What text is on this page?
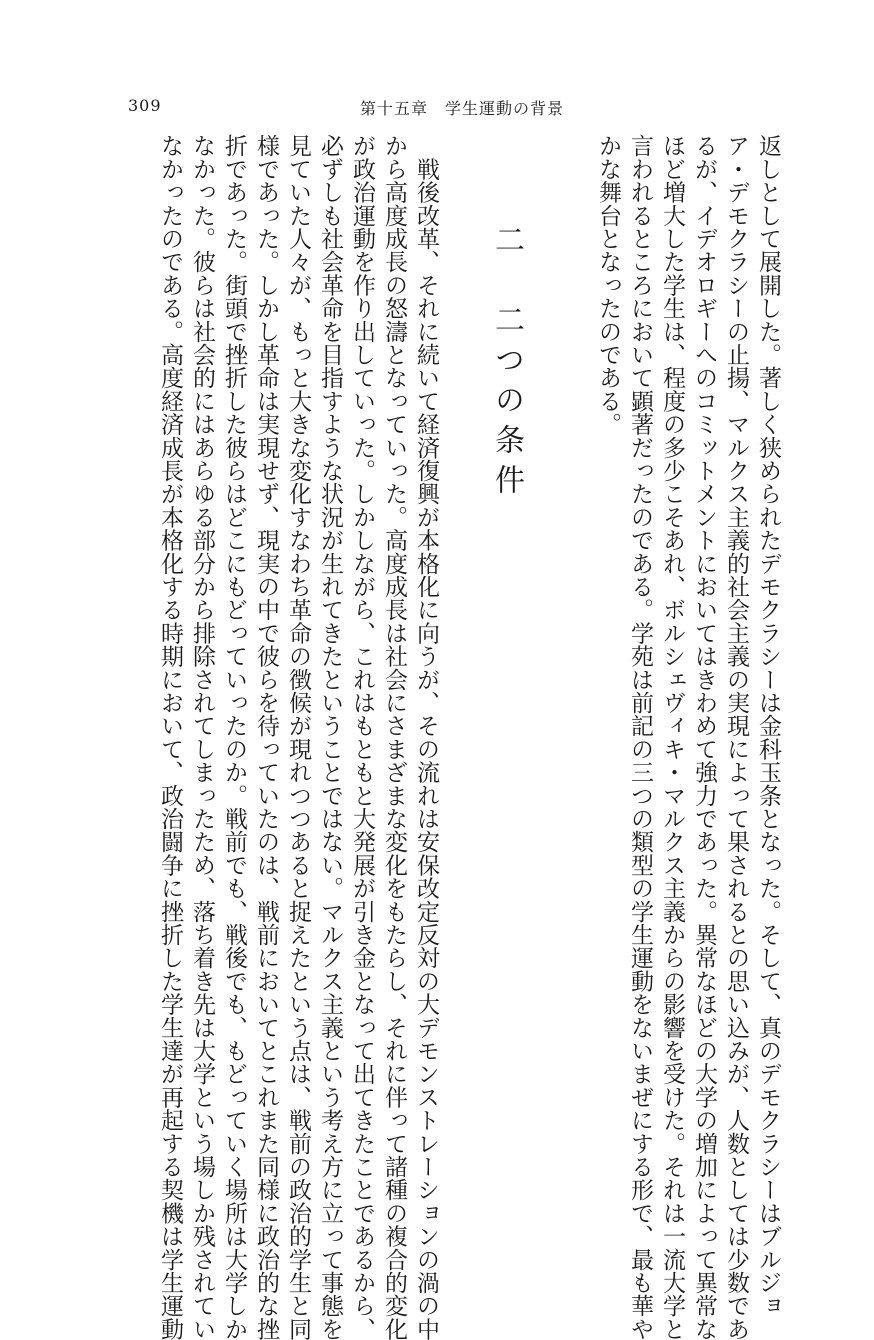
309	第十五章　学生運動の背景
返しとして展開した。著しく狭められたデモクラシーは金科玉条となった。そして、真のデモクラシーはブルジョ
ア・デモクラシーの止揚、マルクス主義的社会主義の実現によって果されるとの思い込みが、人数としては少数であ
るが、イデオロギーへのコミットメントにおいてはきわめて強力であった。異常なほどの大学の増加によって異常な
ほど増大した学生は、程度の多少こそあれ、ボルシェヴィキ・マルクス主義からの影響を受けた。それは一流大学と
言われるところにおいて顕著だったのである。学苑は前記の三つの類型の学生運動をないまぜにする形で、最も華や
かな舞台となったのである。
二　二つの条件
　戦後改革、それに続いて経済復興が本格化に向うが、その流れは安保改定反対の大デモンストレーションの渦の中
から高度成長の怒濤となっていった。高度成長は社会にさまざまな変化をもたらし、それに伴って諸種の複合的変化
が政治運動を作り出していった。しかしながら、これはもともと大発展が引き金となって出てきたことであるから、
必ずしも社会革命を目指すような状況が生れてきたということではない。マルクス主義という考え方に立って事態を
見ていた人々が、もっと大きな変化すなわち革命の徴候が現れつつあると捉えたという点は、戦前の政治的学生と同
様であった。しかし革命は実現せず、現実の中で彼らを待っていたのは、戦前においてとこれまた同様に政治的な挫
折であった。街頭で挫折した彼らはどこにもどっていったのか。戦前でも、戦後でも、もどっていく場所は大学しか
なかった。彼らは社会的にはあらゆる部分から排除されてしまったため、落ち着き先は大学という場しか残されてい
なかったのである。高度経済成長が本格化する時期において、政治闘争に挫折した学生達が再起する契機は学生運動
